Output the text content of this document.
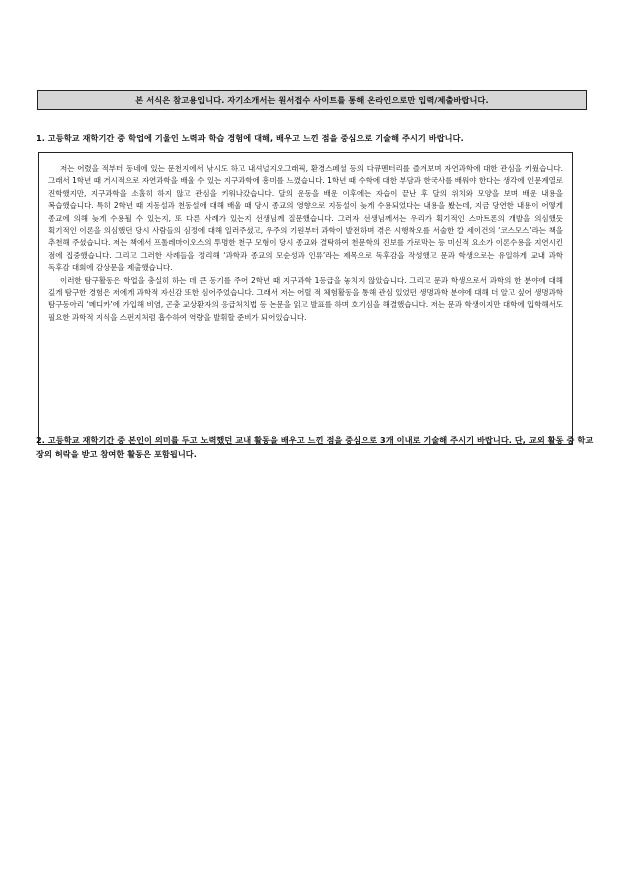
본 서식은 참고용입니다. 자기소개서는 원서접수 사이트를 통해 온라인으로만 입력/제출바랍니다.
1. 고등학교 재학기간 중 학업에 기울인 노력과 학습 경험에 대해, 배우고 느낀 점을 중심으로 기술해 주시기 바랍니다.

저는 어렸을 적부터 동네에 있는 문천지에서 낚시도 하고 내셔널지오그래픽, 환경스페셜 등의 다큐멘터리를 즐겨보며 자연과학에 대한 관심을 키웠습니다. 그래서 1학년 때 거시적으로 자연과학을 배울 수 있는 지구과학에 흥미를 느꼈습니다. 1학년 때 수학에 대한 부담과 한국사를 배워야 한다는 생각에 인문계열로 진학했지만, 지구과학을 소홀히 하지 않고 관심을 키워나갔습니다. 달의 운동을 배운 이후에는 자습이 끝난 후 달의 위치와 모양을 보며 배운 내용을 복습했습니다. 특히 2학년 때 지동설과 천동설에 대해 배울 때 당시 종교의 영향으로 지동설이 늦게 수용되었다는 내용을 봤는데, 지금 당연한 내용이 어떻게 종교에 의해 늦게 수용될 수 있는지, 또 다른 사례가 있는지 선생님께 질문했습니다. 그러자 선생님께서는 우리가 획기적인 스마트폰의 개발을 의심했듯 획기적인 이론을 의심했던 당시 사람들의 심정에 대해 일러주셨고, 우주의 기원부터 과학이 발전하며 겪은 시행착오를 서술한 칼 세이건의 ‘코스모스’라는 책을 추천해 주셨습니다. 저는 책에서 프톨레마이오스의 투명한 천구 모형이 당시 종교와 결탁하여 천문학의 진보를 가로막는 등 미신적 요소가 이론수용을 지연시킨 점에 집중했습니다. 그리고 그러한 사례들을 정리해 ‘과학과 종교의 모순성과 인류’라는 제목으로 독후감을 작성했고 문과 학생으로는 유일하게 교내 과학 독후감 대회에 감상문을 제출했습니다.

이러한 탐구활동은 학업을 충실히 하는 데 큰 동기를 주어 2학년 때 지구과학 1등급을 놓치지 않았습니다. 그리고 문과 학생으로서 과학의 한 분야에 대해 깊게 탐구한 경험은 저에게 과학적 자신감 또한 심어주었습니다. 그래서 저는 어릴 적 체험활동을 통해 관심 있었던 생명과학 분야에 대해 더 알고 싶어 생명과학 탐구동아리 ‘메디카’에 가입해 비염, 곤충 교상환자의 응급처치법 등 논문을 읽고 발표를 하며 호기심을 해결했습니다. 저는 문과 학생이지만 대학에 입학해서도 필요한 과학적 지식을 스펀지처럼 흡수하여 역량을 발휘할 준비가 되어있습니다.

2. 고등학교 재학기간 중 본인이 의미를 두고 노력했던 교내 활동을 배우고 느낀 점을 중심으로 3개 이내로 기술해 주시기 바랍니다. 단, 교외 활동 중 학교장의 허락을 받고 참여한 활동은 포함됩니다.
